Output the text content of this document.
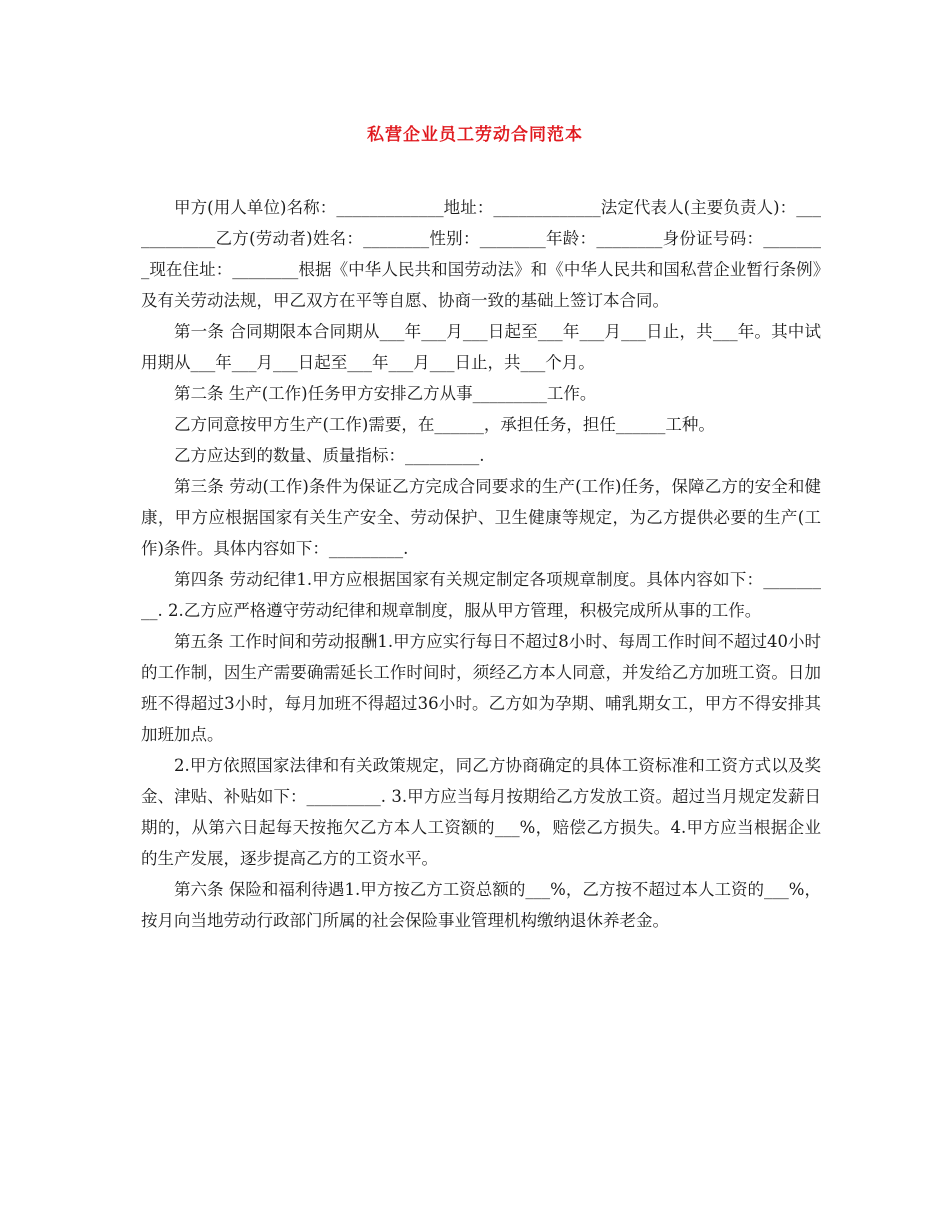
私营企业员工劳动合同范本

甲方(用人单位)名称：_____________地址：_____________法定代表人(主要负责人)：____________乙方(劳动者)姓名：________性别：________年龄：________身份证号码：________现在住址：________根据《中华人民共和国劳动法》和《中华人民共和国私营企业暂行条例》及有关劳动法规，甲乙双方在平等自愿、协商一致的基础上签订本合同。

第一条 合同期限本合同期从___年___月___日起至___年___月___日止，共___年。其中试用期从___年___月___日起至___年___月___日止，共___个月。

第二条 生产(工作)任务甲方安排乙方从事_________工作。

乙方同意按甲方生产(工作)需要，在______，承担任务，担任______工种。

乙方应达到的数量、质量指标：_________.

第三条 劳动(工作)条件为保证乙方完成合同要求的生产(工作)任务，保障乙方的安全和健康，甲方应根据国家有关生产安全、劳动保护、卫生健康等规定，为乙方提供必要的生产(工作)条件。具体内容如下：_________.

第四条 劳动纪律1.甲方应根据国家有关规定制定各项规章制度。具体内容如下：_________. 2.乙方应严格遵守劳动纪律和规章制度，服从甲方管理，积极完成所从事的工作。

第五条 工作时间和劳动报酬1.甲方应实行每日不超过8小时、每周工作时间不超过40小时的工作制，因生产需要确需延长工作时间时，须经乙方本人同意，并发给乙方加班工资。日加班不得超过3小时，每月加班不得超过36小时。乙方如为孕期、哺乳期女工，甲方不得安排其加班加点。

2.甲方依照国家法律和有关政策规定，同乙方协商确定的具体工资标准和工资方式以及奖金、津贴、补贴如下：_________. 3.甲方应当每月按期给乙方发放工资。超过当月规定发薪日期的，从第六日起每天按拖欠乙方本人工资额的___%，赔偿乙方损失。4.甲方应当根据企业的生产发展，逐步提高乙方的工资水平。

第六条 保险和福利待遇1.甲方按乙方工资总额的___%，乙方按不超过本人工资的___%，按月向当地劳动行政部门所属的社会保险事业管理机构缴纳退休养老金。
